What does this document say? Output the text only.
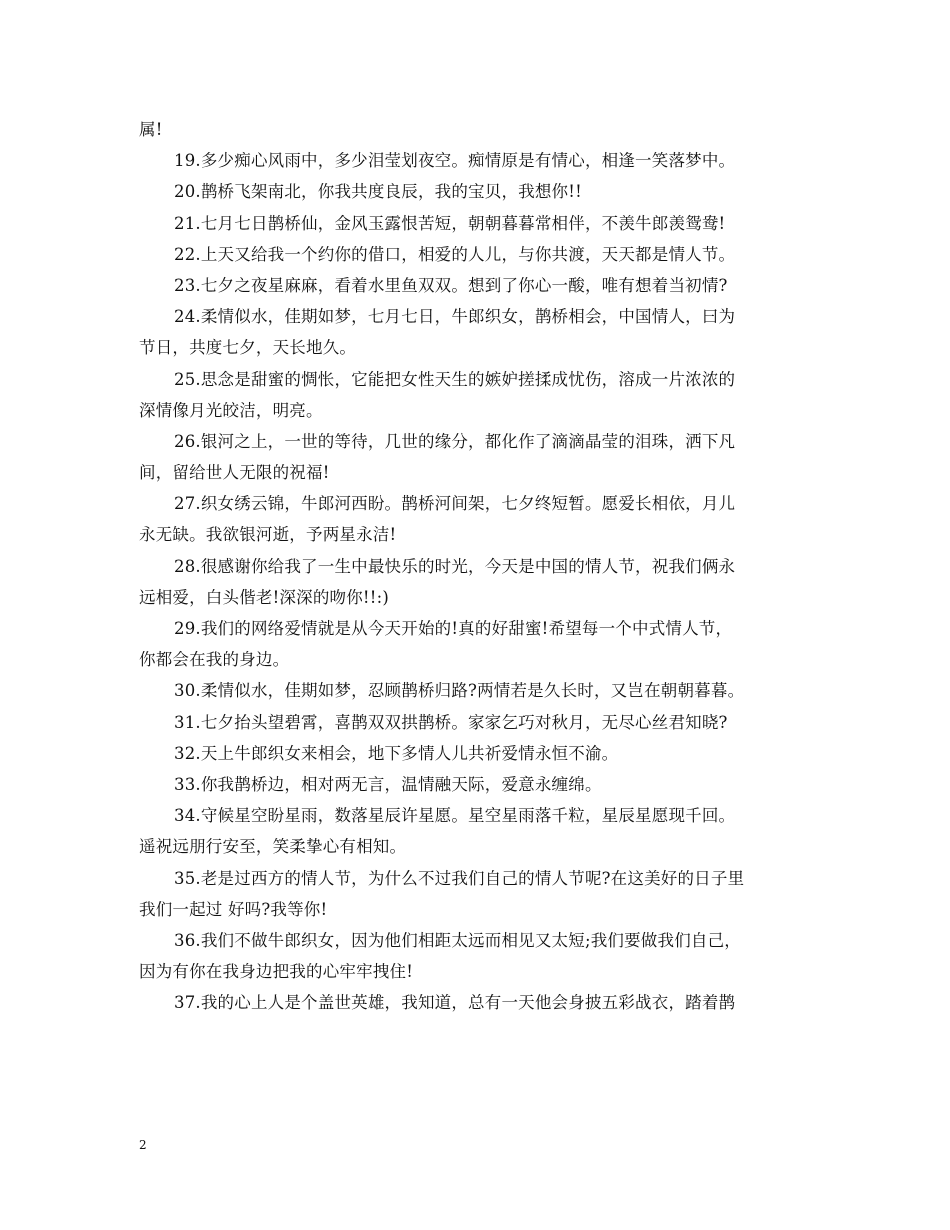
属!
19.多少痴心风雨中，多少泪莹划夜空。痴情原是有情心，相逢一笑落梦中。
20.鹊桥飞架南北，你我共度良辰，我的宝贝，我想你!!
21.七月七日鹊桥仙，金风玉露恨苦短，朝朝暮暮常相伴，不羡牛郎羡鸳鸯!
22.上天又给我一个约你的借口，相爱的人儿，与你共渡，天天都是情人节。
23.七夕之夜星麻麻，看着水里鱼双双。想到了你心一酸，唯有想着当初情?
24.柔情似水，佳期如梦，七月七日，牛郎织女，鹊桥相会，中国情人，曰为
节日，共度七夕，天长地久。
25.思念是甜蜜的惆怅，它能把女性天生的嫉妒搓揉成忧伤，溶成一片浓浓的
深情像月光皎洁，明亮。
26.银河之上，一世的等待，几世的缘分，都化作了滴滴晶莹的泪珠，洒下凡
间，留给世人无限的祝福!
27.织女绣云锦，牛郎河西盼。鹊桥河间架，七夕终短暂。愿爱长相依，月儿
永无缺。我欲银河逝，予两星永洁!
28.很感谢你给我了一生中最快乐的时光，今天是中国的情人节，祝我们俩永
远相爱，白头偕老!深深的吻你!!:)
29.我们的网络爱情就是从今天开始的!真的好甜蜜!希望每一个中式情人节，
你都会在我的身边。
30.柔情似水，佳期如梦，忍顾鹊桥归路?两情若是久长时，又岂在朝朝暮暮。
31.七夕抬头望碧霄，喜鹊双双拱鹊桥。家家乞巧对秋月，无尽心丝君知晓?
32.天上牛郎织女来相会，地下多情人儿共祈爱情永恒不渝。
33.你我鹊桥边，相对两无言，温情融天际，爱意永缠绵。
34.守候星空盼星雨，数落星辰许星愿。星空星雨落千粒，星辰星愿现千回。
遥祝远朋行安至，笑柔挚心有相知。
35.老是过西方的情人节，为什么不过我们自己的情人节呢?在这美好的日子里
我们一起过 好吗?我等你!
36.我们不做牛郎织女，因为他们相距太远而相见又太短;我们要做我们自己，
因为有你在我身边把我的心牢牢拽住!
37.我的心上人是个盖世英雄，我知道，总有一天他会身披五彩战衣，踏着鹊
2
